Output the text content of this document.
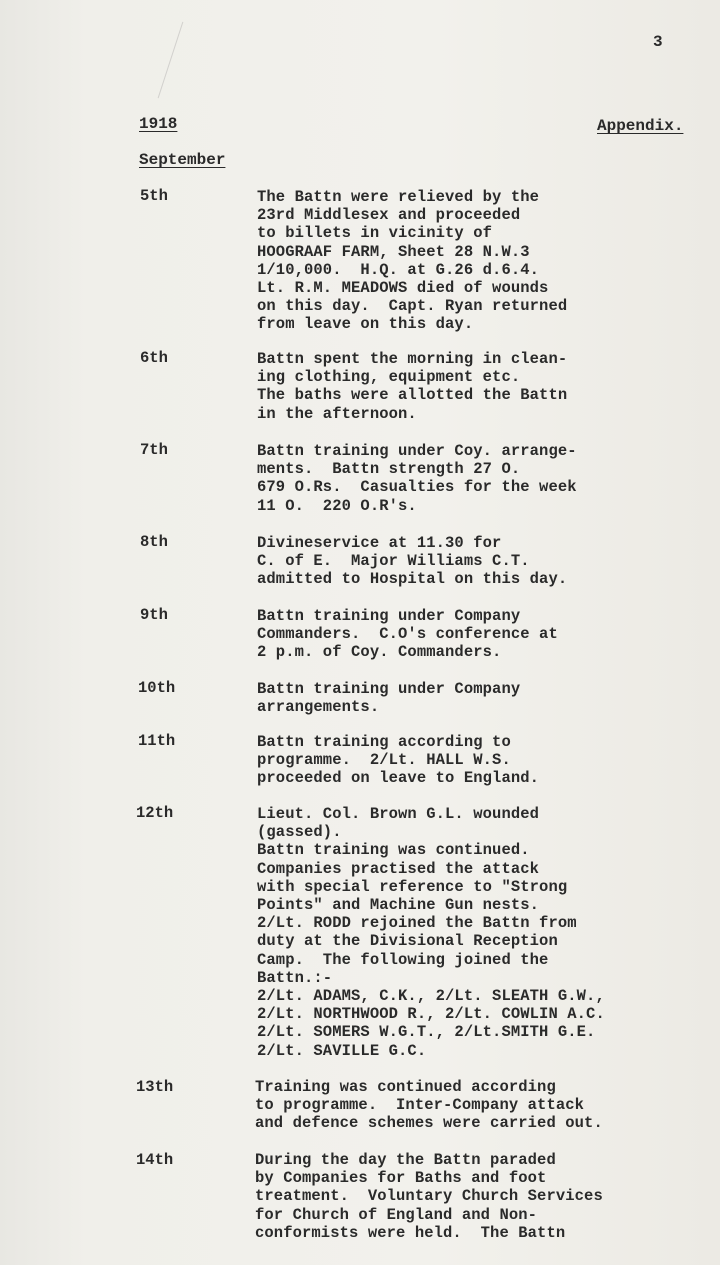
3
1918	Appendix.
September
5th	The Battn were relieved by the
23rd Middlesex and proceeded
to billets in vicinity of
HOOGRAAF FARM, Sheet 28 N.W.3
1/10,000.  H.Q. at G.26 d.6.4.
Lt. R.M. MEADOWS died of wounds
on this day.  Capt. Ryan returned
from leave on this day.
6th	Battn spent the morning in clean-
ing clothing, equipment etc.
The baths were allotted the Battn
in the afternoon.
7th	Battn training under Coy. arrange-
ments.  Battn strength 27 O.
679 O.Rs.  Casualties for the week
11 O.  220 O.R's.
8th	Divineservice at 11.30 for
C. of E.  Major Williams C.T.
admitted to Hospital on this day.
9th	Battn training under Company
Commanders.  C.O's conference at
2 p.m. of Coy. Commanders.
10th	Battn training under Company
arrangements.
11th	Battn training according to
programme.  2/Lt. HALL W.S.
proceeded on leave to England.
12th	Lieut. Col. Brown G.L. wounded
(gassed).
Battn training was continued.
Companies practised the attack
with special reference to "Strong
Points" and Machine Gun nests.
2/Lt. RODD rejoined the Battn from
duty at the Divisional Reception
Camp.  The following joined the
Battn.:-
2/Lt. ADAMS, C.K., 2/Lt. SLEATH G.W.,
2/Lt. NORTHWOOD R., 2/Lt. COWLIN A.C.
2/Lt. SOMERS W.G.T., 2/Lt.SMITH G.E.
2/Lt. SAVILLE G.C.
13th	Training was continued according
to programme.  Inter-Company attack
and defence schemes were carried out.
14th	During the day the Battn paraded
by Companies for Baths and foot
treatment.  Voluntary Church Services
for Church of England and Non-
conformists were held.  The Battn
